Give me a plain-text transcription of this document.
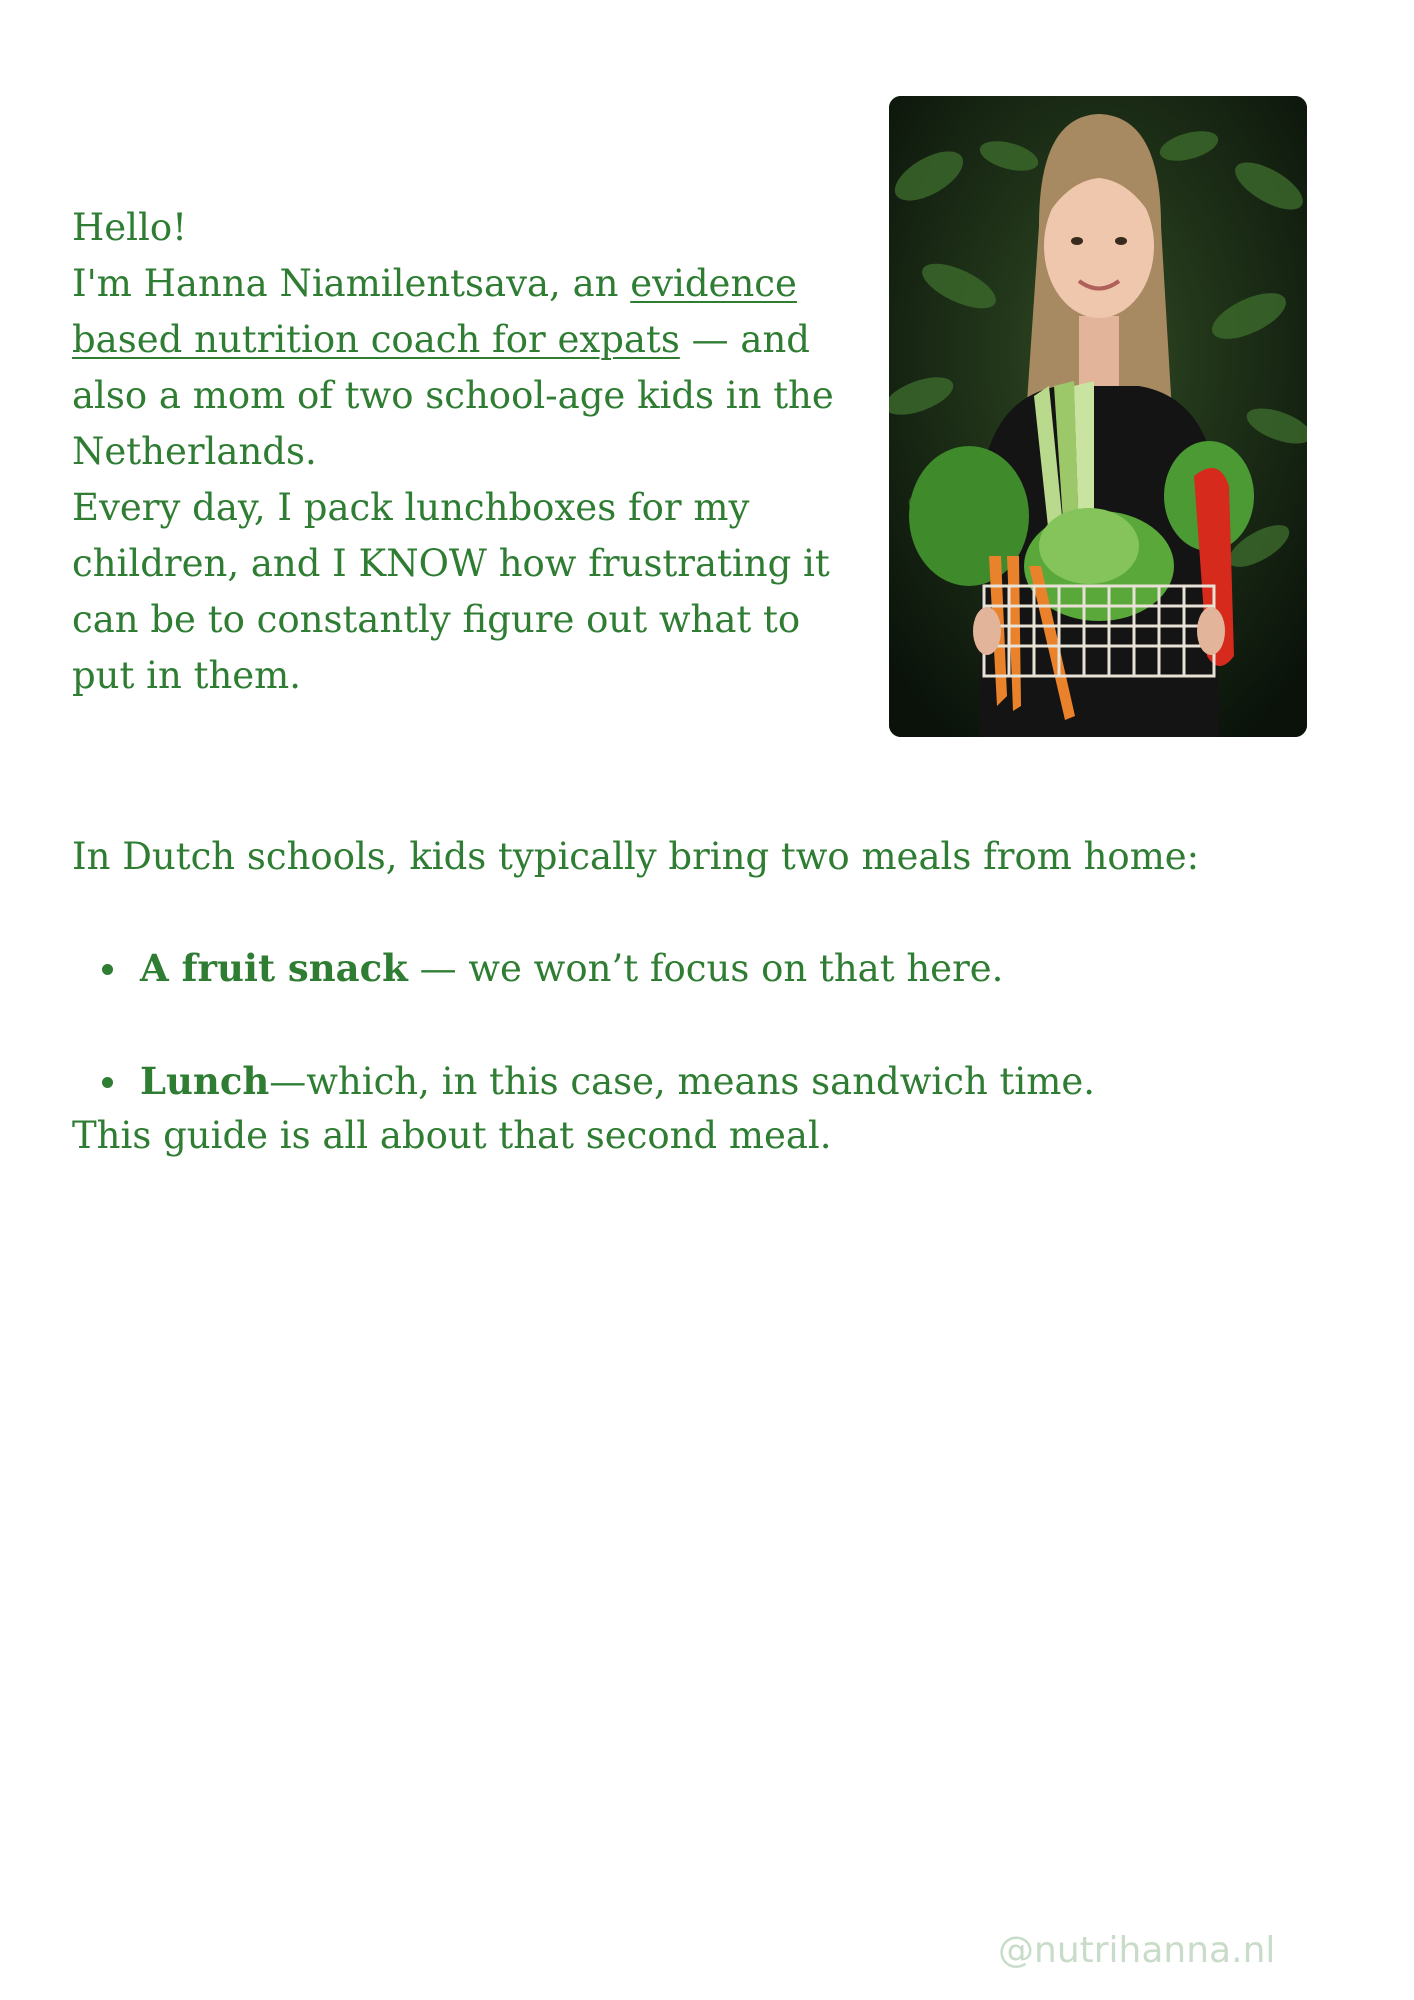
Hello!

I'm Hanna Niamilentsava, an evidence based nutrition coach for expats — and also a mom of two school-age kids in the Netherlands.

Every day, I pack lunchboxes for my children, and I KNOW how frustrating it can be to constantly figure out what to put in them.

In Dutch schools, kids typically bring two meals from home:

A fruit snack — we won’t focus on that here.
Lunch—which, in this case, means sandwich time.

This guide is all about that second meal.

@nutrihanna.nl
